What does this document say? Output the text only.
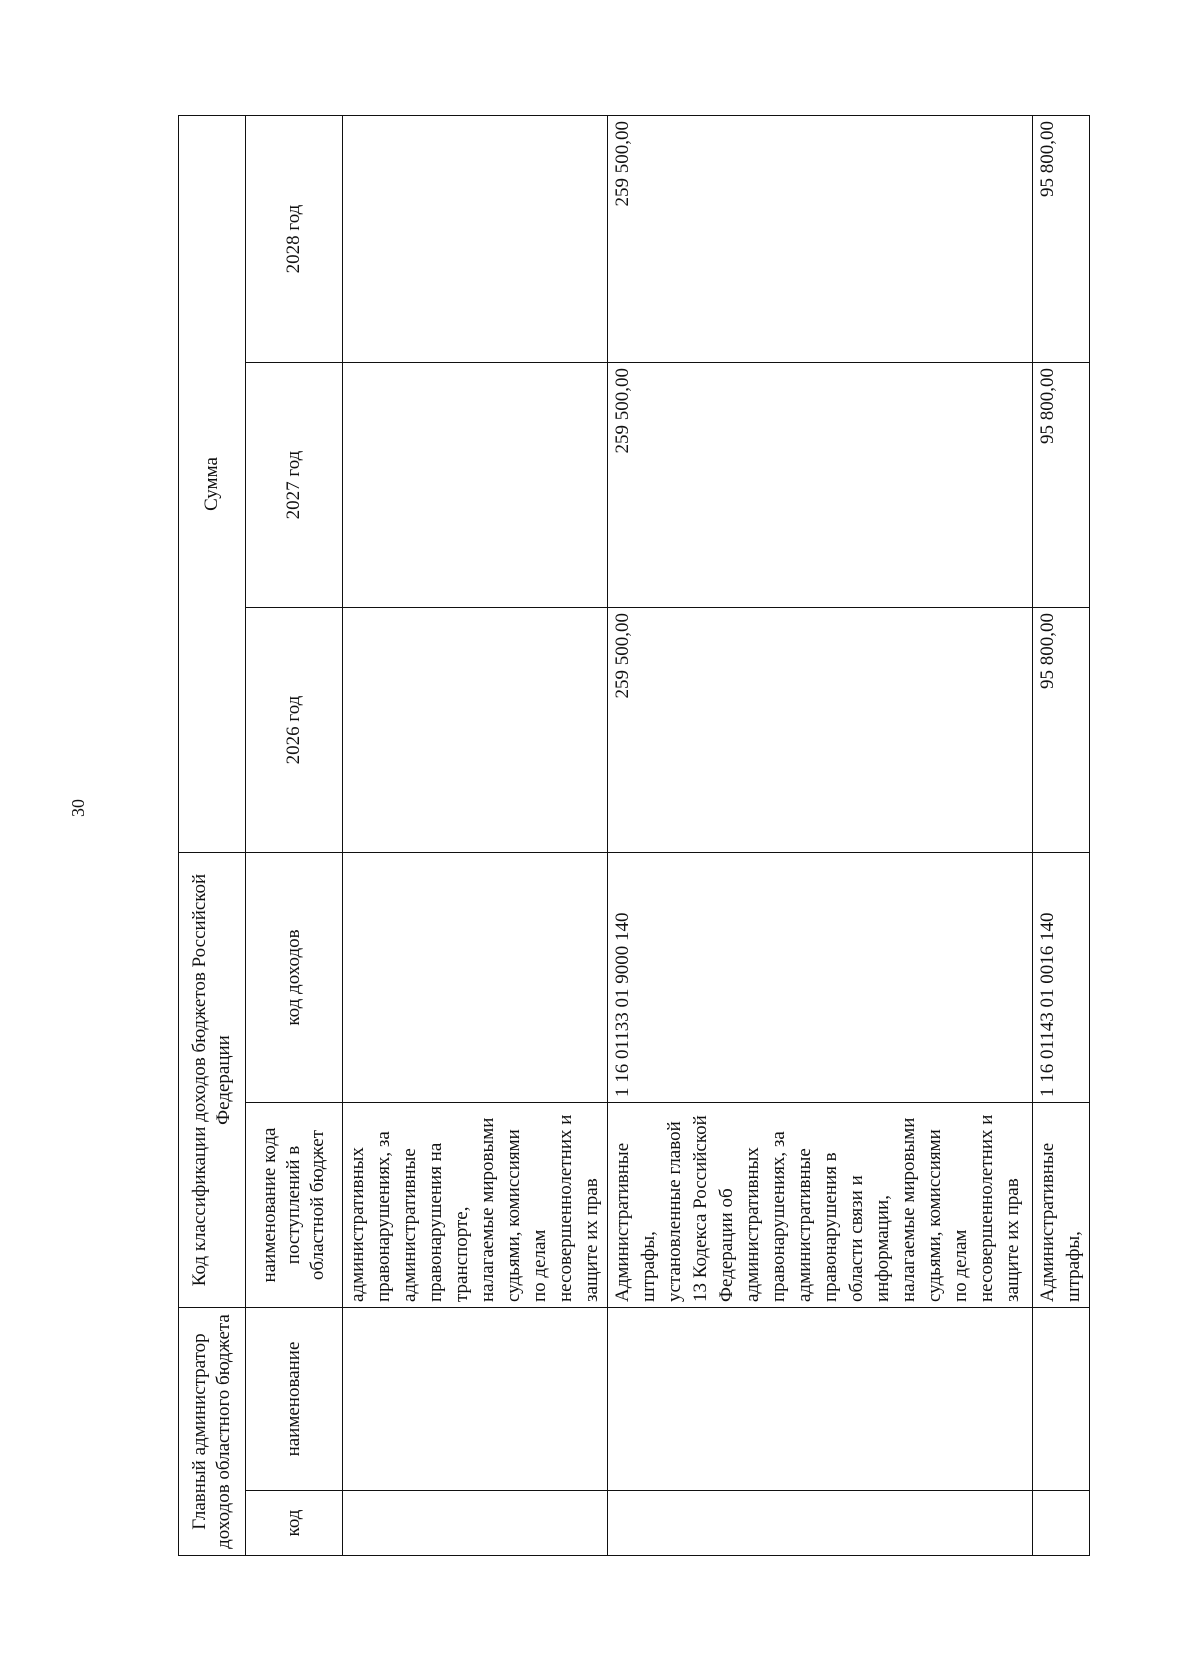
30
Главный администратор доходов областного бюджета		Код классификации доходов бюджетов Российской Федерации		Сумма		
код	наименование	наименование кода поступлений в областной бюджет	код доходов	2026 год	2027 год	2028 год
		административных правонарушениях, за административные правонарушения на транспорте, налагаемые мировыми судьями, комиссиями по делам несовершеннолетних и защите их прав				
		Административные штрафы, установленные главой 13 Кодекса Российской Федерации об административных правонарушениях, за административные правонарушения в области связи и информации, налагаемые мировыми судьями, комиссиями по делам несовершеннолетних и защите их прав	1 16 01133 01 9000 140	259 500,00	259 500,00	259 500,00
		Административные штрафы,	1 16 01143 01 0016 140	95 800,00	95 800,00	95 800,00
